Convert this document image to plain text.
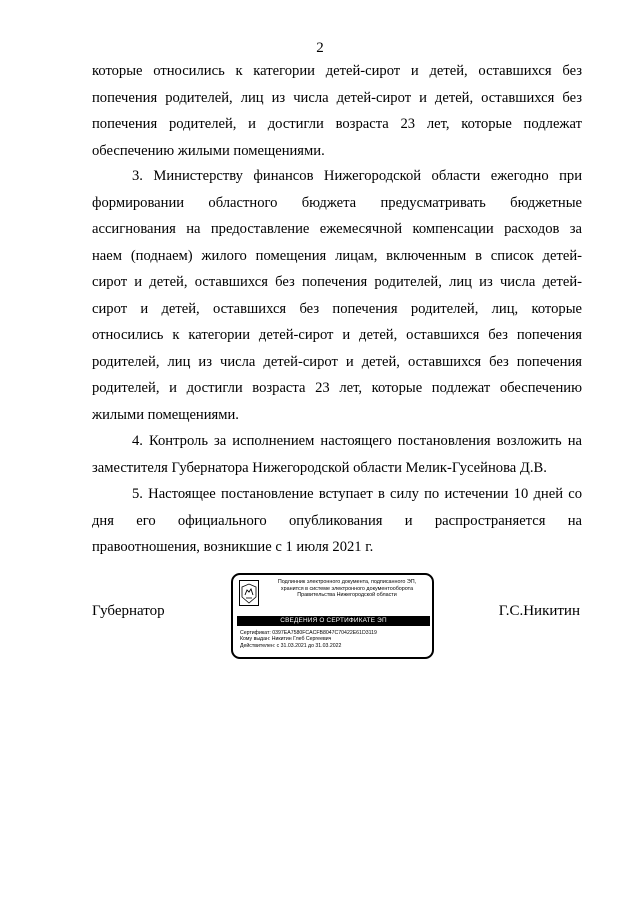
2
которые относились к категории детей-сирот и детей, оставшихся без
попечения родителей, лиц из числа детей-сирот и детей, оставшихся без
попечения родителей, и достигли возраста 23 лет, которые подлежат
обеспечению жилыми помещениями.
3. Министерству финансов Нижегородской области ежегодно при
формировании областного бюджета предусматривать бюджетные
ассигнования на предоставление ежемесячной компенсации расходов за
наем (поднаем) жилого помещения лицам, включенным в список детей-
сирот и детей, оставшихся без попечения родителей, лиц из числа детей-
сирот и детей, оставшихся без попечения родителей, лиц, которые
относились к категории детей-сирот и детей, оставшихся без попечения
родителей, лиц из числа детей-сирот и детей, оставшихся без попечения
родителей, и достигли возраста 23 лет, которые подлежат обеспечению
жилыми помещениями.
4. Контроль за исполнением настоящего постановления возложить на
заместителя Губернатора Нижегородской области Мелик-Гусейнова Д.В.
5. Настоящее постановление вступает в силу по истечении 10 дней со
дня его официального опубликования и распространяется на
правоотношения, возникшие с 1 июля 2021 г.
Губернатор	Г.С.Никитин
Подлинник электронного документа, подписанного ЭП,
хранится в системе электронного документооборота
Правительства Нижегородской области
СВЕДЕНИЯ О СЕРТИФИКАТЕ ЭП
Сертификат: 0397EA7580FCACFB8047C70422E61D3119
Кому выдан: Никитин Глеб Сергеевич
Действителен: с 31.03.2021 до 31.03.2022
